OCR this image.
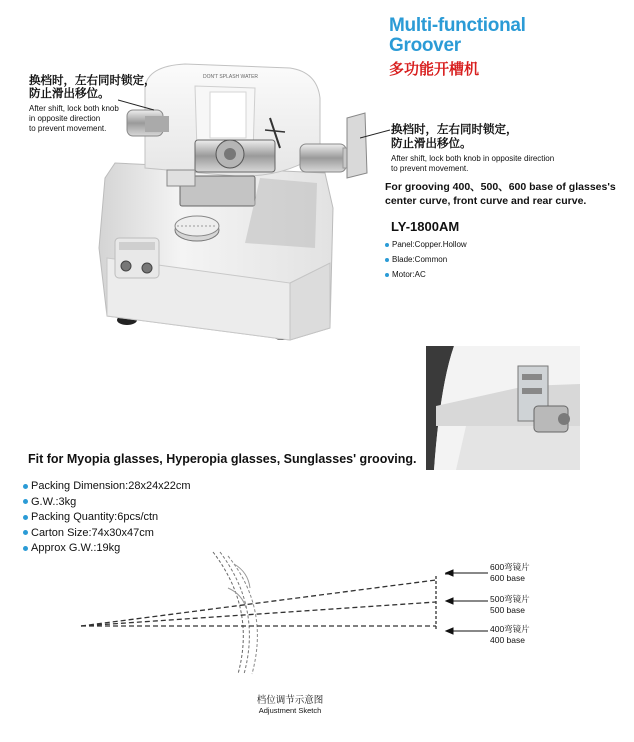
Multi-functional
Groover
多功能开槽机
DON'T SPLASH WATER
换档时，左右同时锁定，
防止滑出移位。
After shift, lock both knob
in opposite direction
to prevent movement.	换档时，左右同时锁定，
防止滑出移位。
After shift, lock both knob in opposite direction
to prevent movement.
For grooving 400、500、600 base of glasses's
center curve, front curve and rear curve.
LY-1800AM
Panel:Copper.Hollow
Blade:Common
Motor:AC
Fit for Myopia glasses, Hyperopia glasses, Sunglasses' grooving.
Packing Dimension:28x24x22cm
G.W.:3kg
Packing Quantity:6pcs/ctn
Carton Size:74x30x47cm
Approx G.W.:19kg
600弯镜片
600 base
500弯镜片
500 base
400弯镜片
400 base
档位调节示意图
Adjustment Sketch
